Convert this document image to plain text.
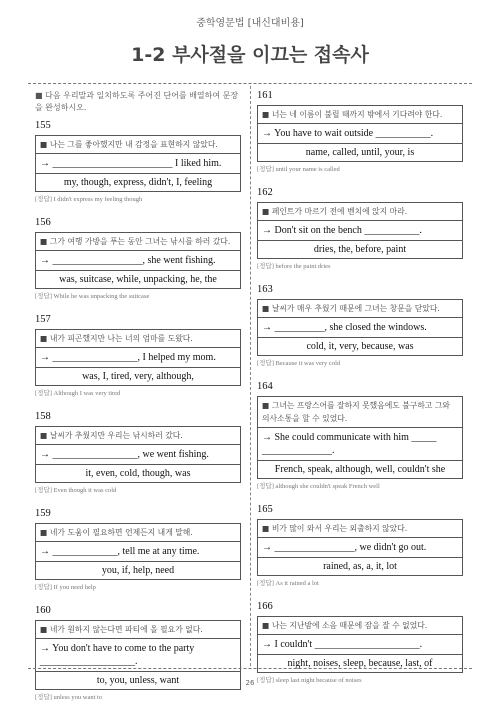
중학영문법 [내신대비용]
1-2 부사절을 이끄는 접속사
■ 다음 우리말과 일치하도록 주어진 단어를 배열하여 문장을 완성하시오.
155
■ 나는 그를 좋아했지만 내 감정을 표현하지 않았다.
→ ________________________ I liked him.
my, though, express, didn't, I, feeling
[정답] I didn't express my feeling though
156
■ 그가 여행 가방을 푸는 동안 그녀는 낚시를 하러 갔다.
→ __________________, she went fishing.
was, suitcase, while, unpacking, he, the
[정답] While he was unpacking the suitcase
157
■ 내가 피곤했지만 나는 너의 엄마를 도왔다.
→ _________________, I helped my mom.
was, I, tired, very, although,
[정답] Although I was very tired
158
■ 날씨가 추웠지만 우리는 낚시하러 갔다.
→ _________________, we went fishing.
it, even, cold, though, was
[정답] Even though it was cold
159
■ 네가 도움이 필요하면 언제든지 내게 말해.
→ _____________, tell me at any time.
you, if, help, need
[정답] If you need help
160
■ 네가 원하지 않는다면 파티에 올 필요가 없다.
→ You don't have to come to the party ___________________.
to, you, unless, want
[정답] unless you want to
161
■ 너는 네 이름이 불릴 때까지 밖에서 기다려야 한다.
→ You have to wait outside ___________.
name, called, until, your, is
[정답] until your name is called
162
■ 페인트가 마르기 전에 벤치에 앉지 마라.
→ Don't sit on the bench ___________.
dries, the, before, paint
[정답] before the paint dries
163
■ 날씨가 매우 추웠기 때문에 그녀는 창문을 닫았다.
→ __________, she closed the windows.
cold, it, very, because, was
[정답] Because it was very cold
164
■ 그녀는 프랑스어를 잘하지 못했음에도 불구하고 그와 의사소통을 할 수 있었다.
→ She could communicate with him _____ ______________.
French, speak, although, well, couldn't she
[정답] although she couldn't speak French well
165
■ 비가 많이 와서 우리는 외출하지 않았다.
→ ________________, we didn't go out.
rained, as, a, it, lot
[정답] As it rained a lot
166
■ 나는 지난밤에 소음 때문에 잠을 잘 수 없었다.
→ I couldn't _____________________.
night, noises, sleep, because, last, of
[정답] sleep last night because of noises
26
